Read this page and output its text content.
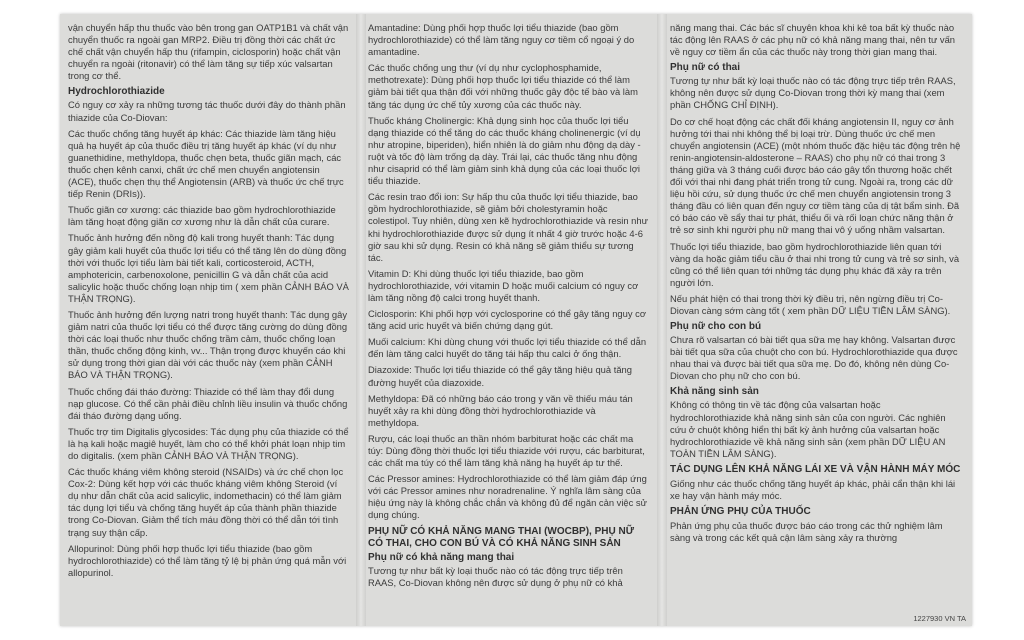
vận chuyển hấp thu thuốc vào bên trong gan OATP1B1 và chất vận chuyển thuốc ra ngoài gan MRP2. Điều trị đồng thời các chất ức chế chất vận chuyển hấp thu (rifampin, ciclosporin) hoặc chất vận chuyển ra ngoài (ritonavir) có thể làm tăng sự tiếp xúc valsartan trong cơ thể.

Hydrochlorothiazide

Có nguy cơ xảy ra những tương tác thuốc dưới đây do thành phần thiazide của Co-Diovan:

Các thuốc chống tăng huyết áp khác: Các thiazide làm tăng hiệu quả hạ huyết áp của thuốc điều trị tăng huyết áp khác (ví dụ như guanethidine, methyldopa, thuốc chẹn beta, thuốc giãn mạch, các thuốc chẹn kênh canxi, chất ức chế men chuyển angiotensin (ACE), thuốc chẹn thụ thể Angiotensin (ARB) và thuốc ức chế trực tiếp Renin (DRIs)).

Thuốc giãn cơ xương: các thiazide bao gồm hydrochlorothiazide làm tăng hoạt động giãn cơ xương như là dẫn chất của curare.

Thuốc ảnh hưởng đến nồng độ kali trong huyết thanh: Tác dụng gây giảm kali huyết của thuốc lợi tiểu có thể tăng lên do dùng đồng thời với thuốc lợi tiểu làm bài tiết kali, corticosteroid, ACTH, amphotericin, carbenoxolone, penicillin G và dẫn chất của acid salicylic hoặc thuốc chống loạn nhịp tim ( xem phần CẢNH BÁO VÀ THẬN TRỌNG).

Thuốc ảnh hưởng đến lượng natri trong huyết thanh: Tác dụng gây giảm natri của thuốc lợi tiểu có thể được tăng cường do dùng đồng thời các loại thuốc như thuốc chống trầm cảm, thuốc chống loạn thần, thuốc chống động kinh, vv... Thận trọng được khuyến cáo khi sử dụng trong thời gian dài với các thuốc này (xem phần CẢNH BÁO VÀ THẬN TRỌNG).

Thuốc chống đái tháo đường: Thiazide có thể làm thay đổi dung nạp glucose. Có thể cần phải điều chỉnh liều insulin và thuốc chống đái tháo đường dạng uống.

Thuốc trợ tim Digitalis glycosides: Tác dụng phụ của thiazide có thể là hạ kali hoặc magiê huyết, làm cho có thể khởi phát loạn nhịp tim do digitalis. (xem phần CẢNH BÁO VÀ THẬN TRỌNG).

Các thuốc kháng viêm không steroid (NSAIDs) và ức chế chọn lọc Cox-2: Dùng kết hợp với các thuốc kháng viêm không Steroid (ví dụ như dẫn chất của acid salicylic, indomethacin) có thể làm giảm tác dụng lợi tiểu và chống tăng huyết áp của thành phần thiazide trong Co-Diovan. Giảm thể tích máu đồng thời có thể dẫn tới tình trạng suy thận cấp.

Allopurinol: Dùng phối hợp thuốc lợi tiểu thiazide (bao gồm hydrochlorothiazide) có thể làm tăng tỷ lệ bị phản ứng quá mẫn với allopurinol.

Amantadine: Dùng phối hợp thuốc lợi tiểu thiazide (bao gồm hydrochlorothiazide) có thể làm tăng nguy cơ tiềm cổ ngoại ý do amantadine.

Các thuốc chống ung thư (ví dụ như cyclophosphamide, methotrexate): Dùng phối hợp thuốc lợi tiểu thiazide có thể làm giảm bài tiết qua thận đối với những thuốc gây độc tế bào và làm tăng tác dụng ức chế tủy xương của các thuốc này.

Thuốc kháng Cholinergic: Khả dụng sinh học của thuốc lợi tiểu dạng thiazide có thể tăng do các thuốc kháng cholinenergic (ví dụ như atropine, biperiden), hiển nhiên là do giảm nhu động dạ dày - ruột và tốc độ làm trống dạ dày. Trái lại, các thuốc tăng nhu động như cisaprid có thể làm giảm sinh khả dụng của các loại thuốc lợi tiểu thiazide.

Các resin trao đổi ion: Sự hấp thu của thuốc lợi tiểu thiazide, bao gồm hydrochlorothiazide, sẽ giảm bởi cholestyramin hoặc colestipol. Tuy nhiên, dùng xen kẽ hydrochlorothiazide và resin như khi hydrochlorothiazide được sử dụng ít nhất 4 giờ trước hoặc 4-6 giờ sau khi sử dụng. Resin có khả năng sẽ giảm thiểu sự tương tác.

Vitamin D: Khi dùng thuốc lợi tiểu thiazide, bao gồm hydrochlorothiazide, với vitamin D hoặc muối calcium có nguy cơ làm tăng nồng độ calci trong huyết thanh.

Ciclosporin: Khi phối hợp với cyclosporine có thể gây tăng nguy cơ tăng acid uric huyết và biến chứng dạng gút.

Muối calcium: Khi dùng chung với thuốc lợi tiểu thiazide có thể dẫn đến làm tăng calci huyết do tăng tái hấp thu calci ở ống thận.

Diazoxide: Thuốc lợi tiểu thiazide có thể gây tăng hiệu quả tăng đường huyết của diazoxide.

Methyldopa: Đã có những báo cáo trong y văn về thiếu máu tán huyết xảy ra khi dùng đồng thời hydrochlorothiazide và methyldopa.

Rượu, các loại thuốc an thần nhóm barbiturat hoặc các chất ma túy: Dùng đồng thời thuốc lợi tiểu thiazide với rượu, các barbiturat, các chất ma túy có thể làm tăng khả năng hạ huyết áp tư thế.

Các Pressor amines: Hydrochlorothiazide có thể làm giảm đáp ứng với các Pressor amines như noradrenaline. Ý nghĩa lâm sàng của hiệu ứng này là không chắc chắn và không đủ để ngăn cản việc sử dụng chúng.

PHỤ NỮ CÓ KHẢ NĂNG MANG THAI (WOCBP), PHỤ NỮ CÓ THAI, CHO CON BÚ VÀ CÓ KHẢ NĂNG SINH SẢN
Phụ nữ có khả năng mang thai

Tương tự như bất kỳ loại thuốc nào có tác động trực tiếp trên RAAS, Co-Diovan không nên được sử dụng ở phụ nữ có khả

năng mang thai. Các bác sĩ chuyên khoa khi kê toa bất kỳ thuốc nào tác động lên RAAS ở các phụ nữ có khả năng mang thai, nên tư vấn về nguy cơ tiềm ẩn của các thuốc này trong thời gian mang thai.

Phụ nữ có thai

Tương tự như bất kỳ loại thuốc nào có tác động trực tiếp trên RAAS, không nên được sử dụng Co-Diovan trong thời kỳ mang thai (xem phần CHỐNG CHỈ ĐỊNH).

Do cơ chế hoạt động các chất đối kháng angiotensin II, nguy cơ ảnh hưởng tới thai nhi không thể bị loại trừ. Dùng thuốc ức chế men chuyển angiotensin (ACE) (một nhóm thuốc đặc hiệu tác động trên hệ renin-angiotensin-aldosterone – RAAS) cho phụ nữ có thai trong 3 tháng giữa và 3 tháng cuối được báo cáo gây tổn thương hoặc chết đối với thai nhi đang phát triển trong tử cung. Ngoài ra, trong các dữ liệu hồi cứu, sử dụng thuốc ức chế men chuyển angiotensin trong 3 tháng đầu có liên quan đến nguy cơ tiềm tàng của dị tật bẩm sinh. Đã có báo cáo về sẩy thai tự phát, thiểu ối và rối loạn chức năng thận ở trẻ sơ sinh khi người phụ nữ mang thai vô ý uống nhầm valsartan.

Thuốc lợi tiểu thiazide, bao gồm hydrochlorothiazide liên quan tới vàng da hoặc giảm tiểu cầu ở thai nhi trong tử cung và trẻ sơ sinh, và cũng có thể liên quan tới những tác dụng phụ khác đã xảy ra trên người lớn.

Nếu phát hiện có thai trong thời kỳ điều trị, nên ngừng điều trị Co-Diovan càng sớm càng tốt ( xem phần DỮ LIỆU TIỀN LÂM SÀNG).

Phụ nữ cho con bú

Chưa rõ valsartan có bài tiết qua sữa mẹ hay không. Valsartan được bài tiết qua sữa của chuột cho con bú. Hydrochlorothiazide qua được nhau thai và được bài tiết qua sữa mẹ. Do đó, không nên dùng Co-Diovan cho phụ nữ cho con bú.

Khả năng sinh sản

Không có thông tin về tác động của valsartan hoặc hydrochlorothiazide khả năng sinh sản của con người. Các nghiên cứu ở chuột không hiển thị bất kỳ ảnh hưởng của valsartan hoặc hydrochlorothiazide về khả năng sinh sản (xem phần DỮ LIỆU AN TOÀN TIỀN LÂM SÀNG).

TÁC DỤNG LÊN KHẢ NĂNG LÁI XE VÀ VẬN HÀNH MÁY MÓC

Giống như các thuốc chống tăng huyết áp khác, phải cẩn thận khi lái xe hay vận hành máy móc.

PHẢN ỨNG PHỤ CỦA THUỐC

Phản ứng phụ của thuốc được báo cáo trong các thử nghiệm lâm sàng và trong các kết quả cận lâm sàng xảy ra thường

1227930 VN TA
